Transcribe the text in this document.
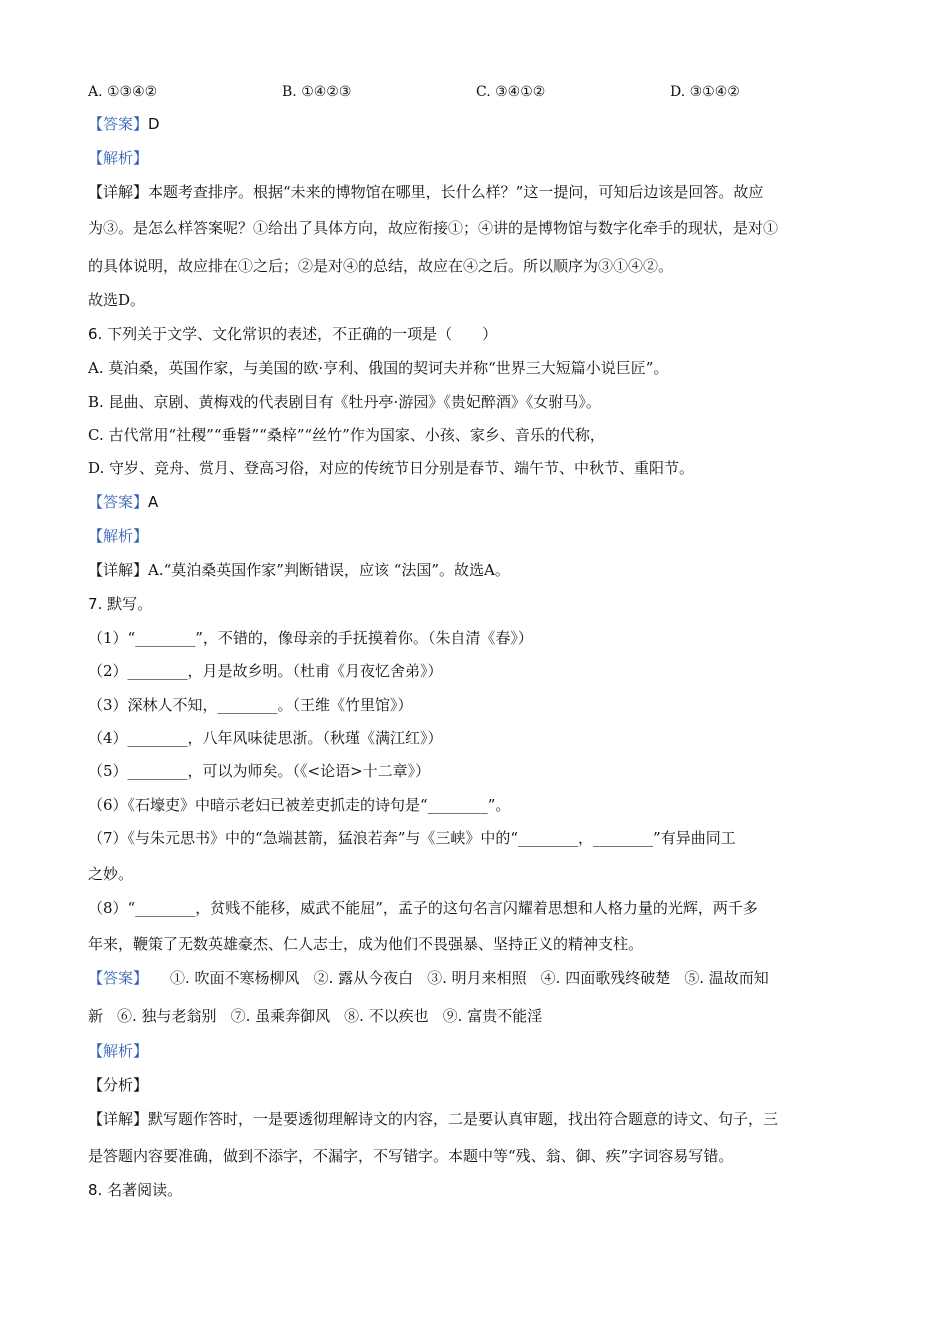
A. ①③④②	B. ①④②③	C. ③④①②	D. ③①④②
【答案】D
【解析】
【详解】本题考查排序。根据“未来的博物馆在哪里，长什么样？”这一提问，可知后边该是回答。故应
为③。是怎么样答案呢？①给出了具体方向，故应衔接①；④讲的是博物馆与数字化牵手的现状，是对①
的具体说明，故应排在①之后；②是对④的总结，故应在④之后。所以顺序为③①④②。
故选D。
6. 下列关于文学、文化常识的表述，不正确的一项是（　　）
A. 莫泊桑，英国作家，与美国的欧·亨利、俄国的契诃夫并称“世界三大短篇小说巨匠”。
B. 昆曲、京剧、黄梅戏的代表剧目有《牡丹亭·游园》《贵妃醉酒》《女驸马》。
C. 古代常用“社稷”“垂髫”“桑梓”“丝竹”作为国家、小孩、家乡、音乐的代称，
D. 守岁、竞舟、赏月、登高习俗，对应的传统节日分别是春节、端午节、中秋节、重阳节。
【答案】A
【解析】
【详解】A.“莫泊桑英国作家”判断错误，应该 “法国”。故选A。
7. 默写。
（1）“________”，不错的，像母亲的手抚摸着你。（朱自清《春》）
（2）________，月是故乡明。（杜甫《月夜忆舍弟》）
（3）深林人不知，________。（王维《竹里馆》）
（4）________，八年风味徒思浙。（秋瑾《满江红》）
（5）________，可以为师矣。（《<论语>十二章》）
（6）《石壕吏》中暗示老妇已被差吏抓走的诗句是“________”。
（7）《与朱元思书》中的“急端甚箭，猛浪若奔”与《三峡》中的“________，________”有异曲同工
之妙。
（8）“________，贫贱不能移，威武不能屈”，孟子的这句名言闪耀着思想和人格力量的光辉，两千多
年来，鞭策了无数英雄豪杰、仁人志士，成为他们不畏强暴、坚持正义的精神支柱。
【答案】 ①. 吹面不寒杨柳风 ②. 露从今夜白 ③. 明月来相照 ④. 四面歌残终破楚 ⑤. 温故而知
新 ⑥. 独与老翁别 ⑦. 虽乘奔御风 ⑧. 不以疾也 ⑨. 富贵不能淫
【解析】
【分析】
【详解】默写题作答时，一是要透彻理解诗文的内容，二是要认真审题，找出符合题意的诗文、句子，三
是答题内容要准确，做到不添字，不漏字，不写错字。本题中等“残、翁、御、疾”字词容易写错。
8. 名著阅读。
